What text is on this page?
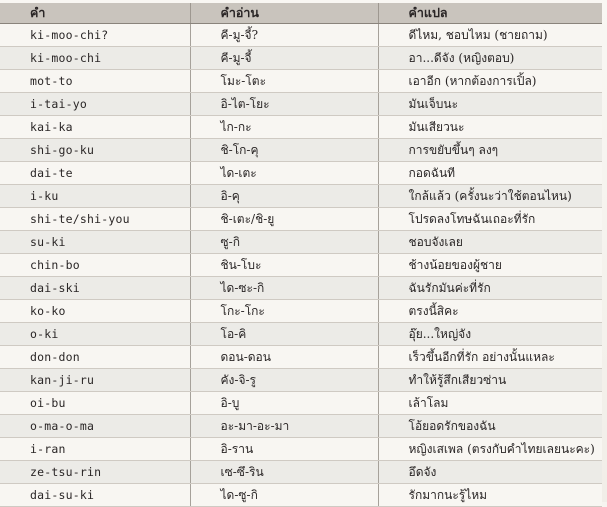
คำ	คำอ่าน	คำแปล
ki-moo-chi?	คี-มู-จี้?	ดีไหม, ชอบไหม (ชายถาม)
ki-moo-chi	คี-มู-จี้	อา...ดีจัง (หญิงตอบ)
mot-to	โมะ-โตะ	เอาอีก (หากต้องการเปิ้ล)
i-tai-yo	อิ-ไต-โยะ	มันเจ็บนะ
kai-ka	ไก-กะ	มันเสียวนะ
shi-go-ku	ชิ-โก-คุ	การขยับขึ้นๆ ลงๆ
dai-te	ได-เตะ	กอดฉันที
i-ku	อิ-คุ	ใกล้แล้ว (ครั้งนะว่าใช้ตอนไหน)
shi-te/shi-you	ชิ-เตะ/ชิ-ยู	โปรดลงโทษฉันเถอะที่รัก
su-ki	ซู-กิ	ชอบจังเลย
chin-bo	ชิน-โบะ	ช้างน้อยของผู้ชาย
dai-ski	ได-ซะ-กิ	ฉันรักมันค่ะที่รัก
ko-ko	โกะ-โกะ	ตรงนี้สิคะ
o-ki	โอ-คิ	อุ๊ย...ใหญ่จัง
don-don	ดอน-ดอน	เร็วขึ้นอีกที่รัก อย่างนั้นแหละ
kan-ji-ru	คัง-จิ-รู	ทำให้รู้สึกเสียวซ่าน
oi-bu	อิ-บู	เล้าโลม
o-ma-o-ma	อะ-มา-อะ-มา	โอ้ยอดรักของฉัน
i-ran	อิ-ราน	หญิงเสเพล (ตรงกับคำไทยเลยนะคะ)
ze-tsu-rin	เซ-ซึ-ริน	อึดจัง
dai-su-ki	ได-ซู-กิ	รักมากนะรู้ไหม
